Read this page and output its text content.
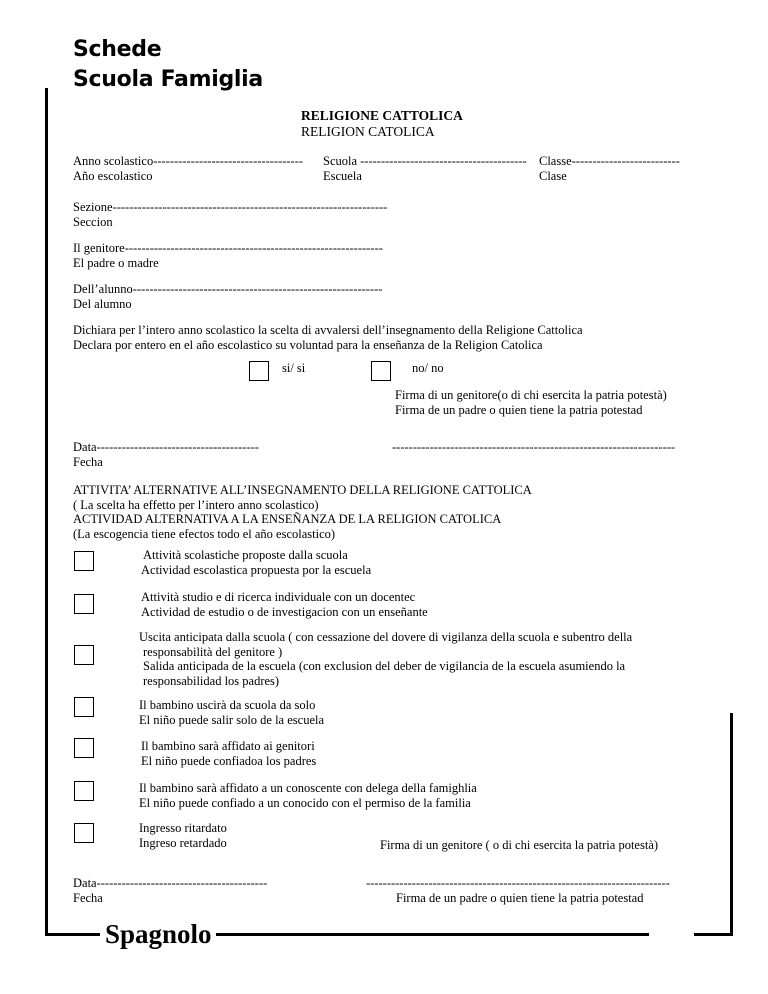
Schede
Scuola Famiglia
RELIGIONE CATTOLICA
RELIGION CATOLICA
Anno scolastico------------------------------------
Año escolastico
Scuola ----------------------------------------
Escuela
Classe--------------------------
Clase
Sezione------------------------------------------------------------------
Seccion
Il genitore--------------------------------------------------------------
El padre o madre
Dell’alunno------------------------------------------------------------
Del alumno
Dichiara per l’intero anno scolastico la scelta di avvalersi dell’insegnamento della Religione Cattolica
Declara por entero en el año escolastico su voluntad para la enseñanza de la Religion Catolica
si/ si	no/ no
Firma di un genitore(o di chi esercita la patria potestà)
Firma de un padre o quien tiene la patria potestad
Data---------------------------------------
Fecha
--------------------------------------------------------------------
ATTIVITA’ ALTERNATIVE ALL’INSEGNAMENTO DELLA RELIGIONE CATTOLICA
( La scelta ha effetto per l’intero anno scolastico)
ACTIVIDAD ALTERNATIVA A LA ENSEÑANZA DE LA RELIGION CATOLICA
(La escogencia tiene efectos todo el año escolastico)
Attività scolastiche proposte dalla scuola
Actividad escolastica propuesta por la escuela
Attività studio e di ricerca individuale con un docentec
Actividad de estudio o de investigacion con un enseñante
Uscita anticipata dalla scuola ( con cessazione del dovere di vigilanza della scuola e subentro della
responsabilità del genitore )
Salida anticipada de la escuela (con exclusion del deber de vigilancia de la escuela asumiendo la
responsabilidad los padres)
Il bambino uscirà da scuola da solo
El niño puede salir solo de la escuela
Il bambino sarà affidato ai genitori
El niño puede confiadoa los padres
Il bambino sarà affidato a un conoscente con delega della famighlia
El niño puede confiado a un conocido con el permiso de la familia
Ingresso ritardato
Ingreso retardado	Firma di un genitore ( o di chi esercita la patria potestà)
Data-----------------------------------------
Fecha
-------------------------------------------------------------------------
Firma de un padre o quien tiene la patria potestad
Spagnolo
